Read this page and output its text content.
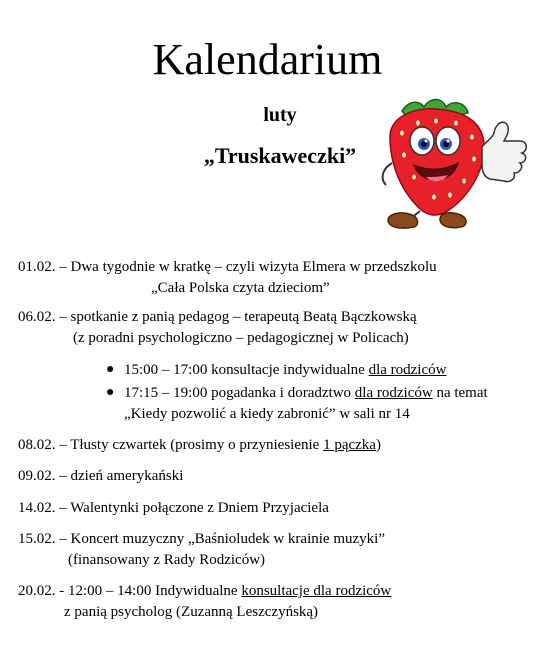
Kalendarium
luty
„Truskaweczki”
01.02. – Dwa tygodnie w kratkę – czyli wizyta Elmera w przedszkolu
„Cała Polska czyta dzieciom”
06.02. – spotkanie z panią pedagog – terapeutą Beatą Bączkowską
(z poradni psychologiczno – pedagogicznej w Policach)
● 15:00 – 17:00 konsultacje indywidualne dla rodziców
● 17:15 – 19:00 pogadanka i doradztwo dla rodziców na temat
„Kiedy pozwolić a kiedy zabronić” w sali nr 14
08.02. – Tłusty czwartek (prosimy o przyniesienie 1 pączka)
09.02. – dzień amerykański
14.02. – Walentynki połączone z Dniem Przyjaciela
15.02. – Koncert muzyczny „Baśnioludek w krainie muzyki”
(finansowany z Rady Rodziców)
20.02. - 12:00 – 14:00 Indywidualne konsultacje dla rodziców
z panią psycholog (Zuzanną Leszczyńską)
